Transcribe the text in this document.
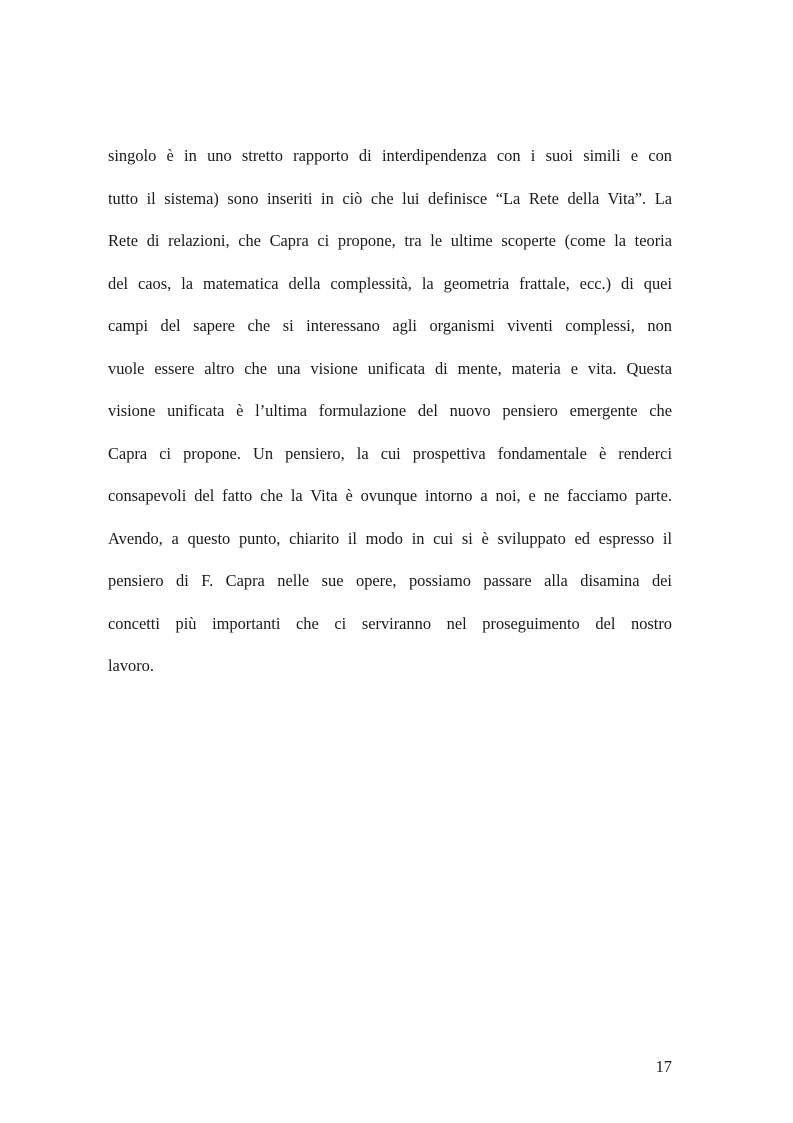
singolo è in uno stretto rapporto di interdipendenza con i suoi simili e con
tutto il sistema) sono inseriti in ciò che lui definisce “La Rete della Vita”. La
Rete di relazioni, che Capra ci propone, tra le ultime scoperte (come la teoria
del caos, la matematica della complessità, la geometria frattale, ecc.) di quei
campi del sapere che si interessano agli organismi viventi complessi, non
vuole essere altro che una visione unificata di mente, materia e vita. Questa
visione unificata è l’ultima formulazione del nuovo pensiero emergente che
Capra ci propone. Un pensiero, la cui prospettiva fondamentale è renderci
consapevoli del fatto che la Vita è ovunque intorno a noi, e ne facciamo parte.
Avendo, a questo punto, chiarito il modo in cui si è sviluppato ed espresso il
pensiero di F. Capra nelle sue opere, possiamo passare alla disamina dei
concetti più importanti che ci serviranno nel proseguimento del nostro
lavoro.
17
